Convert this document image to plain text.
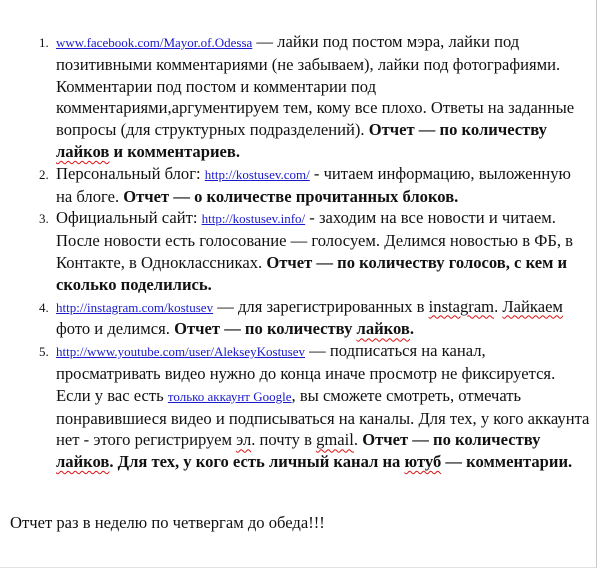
1. www.facebook.com/Mayor.of.Odessa — лайки под постом мэра, лайки под позитивными комментариями (не забываем), лайки под фотографиями. Комментарии под постом и комментарии под комментариями,аргументируем тем, кому все плохо. Ответы на заданные вопросы (для структурных подразделений). Отчет — по количеству лайков и комментариев.
2. Персональный блог: http://kostusev.com/ - читаем информацию, выложенную на блоге. Отчет — о количестве прочитанных блоков.
3. Официальный сайт: http://kostusev.info/ - заходим на все новости и читаем. После новости есть голосование — голосуем. Делимся новостью в ФБ, в Контакте, в Одноклассниках. Отчет — по количеству голосов, с кем и сколько поделились.
4. http://instagram.com/kostusev — для зарегистрированных в instagram. Лайкаем фото и делимся. Отчет — по количеству лайков.
5. http://www.youtube.com/user/AlekseyKostusev — подписаться на канал, просматривать видео нужно до конца иначе просмотр не фиксируется. Если у вас есть только аккаунт Google, вы сможете смотреть, отмечать понравившиеся видео и подписываться на каналы. Для тех, у кого аккаунта нет - этого регистрируем эл. почту в gmail. Отчет — по количеству лайков. Для тех, у кого есть личный канал на ютуб — комментарии.

Отчет раз в неделю по четвергам до обеда!!!
